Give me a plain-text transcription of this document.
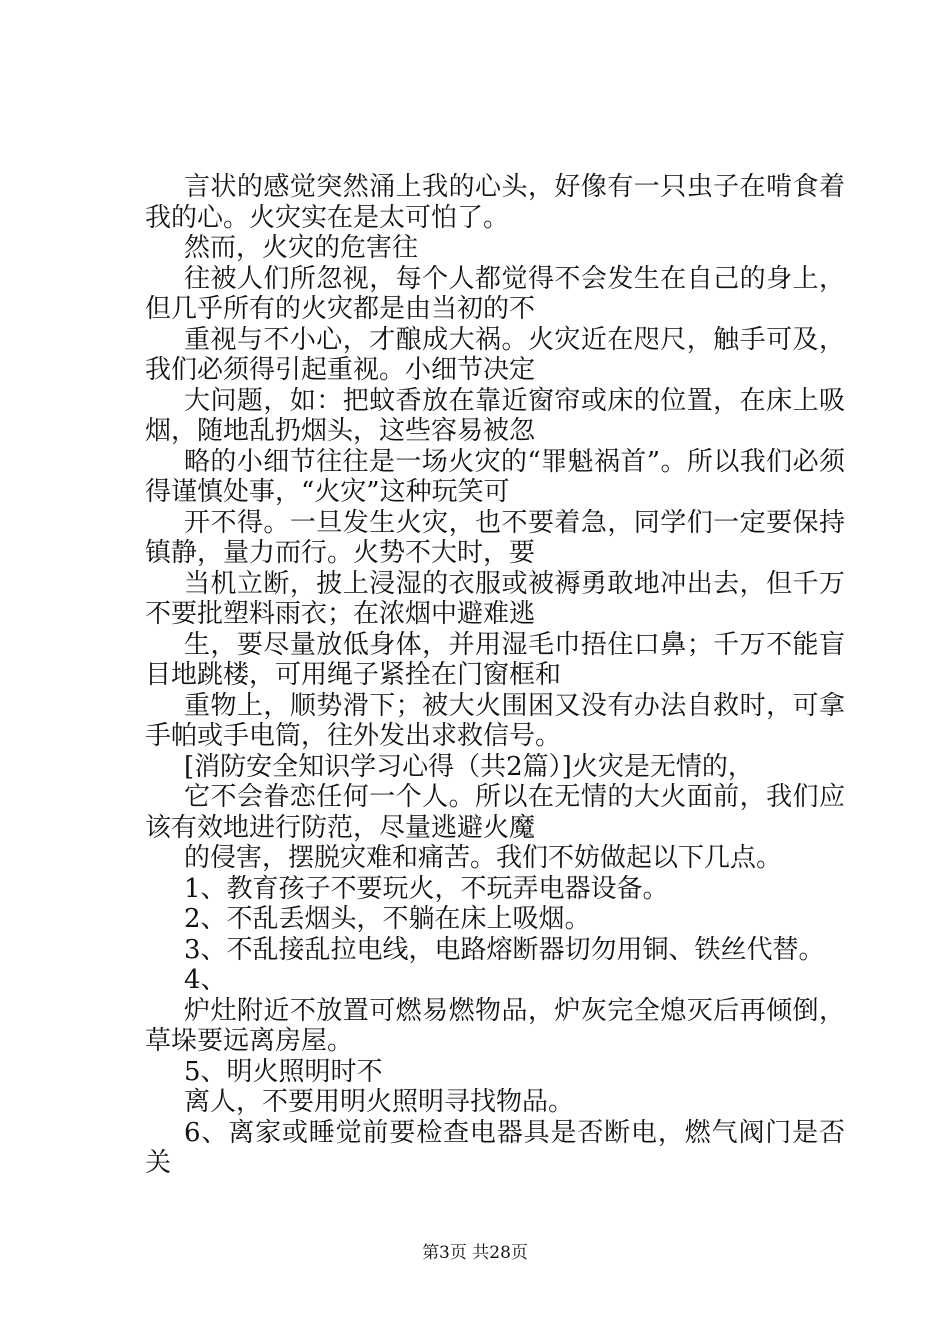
言状的感觉突然涌上我的心头，好像有一只虫子在啃食着我的心。火灾实在是太可怕了。

然而，火灾的危害往

往被人们所忽视，每个人都觉得不会发生在自己的身上，但几乎所有的火灾都是由当初的不

重视与不小心，才酿成大祸。火灾近在咫尺，触手可及，我们必须得引起重视。小细节决定

大问题，如：把蚊香放在靠近窗帘或床的位置，在床上吸烟，随地乱扔烟头，这些容易被忽

略的小细节往往是一场火灾的“罪魁祸首”。所以我们必须得谨慎处事，“火灾”这种玩笑可

开不得。一旦发生火灾，也不要着急，同学们一定要保持镇静，量力而行。火势不大时，要

当机立断，披上浸湿的衣服或被褥勇敢地冲出去，但千万不要批塑料雨衣；在浓烟中避难逃

生，要尽量放低身体，并用湿毛巾捂住口鼻；千万不能盲目地跳楼，可用绳子紧拴在门窗框和

重物上，顺势滑下；被大火围困又没有办法自救时，可拿手帕或手电筒，往外发出求救信号。

[消防安全知识学习心得（共2篇）]火灾是无情的，

它不会眷恋任何一个人。所以在无情的大火面前，我们应该有效地进行防范，尽量逃避火魔

的侵害，摆脱灾难和痛苦。我们不妨做起以下几点。

1、教育孩子不要玩火，不玩弄电器设备。

2、不乱丢烟头，不躺在床上吸烟。

3、不乱接乱拉电线，电路熔断器切勿用铜、铁丝代替。

4、

炉灶附近不放置可燃易燃物品，炉灰完全熄灭后再倾倒，草垛要远离房屋。

5、明火照明时不

离人，不要用明火照明寻找物品。

6、离家或睡觉前要检查电器具是否断电，燃气阀门是否关

第3页 共28页
